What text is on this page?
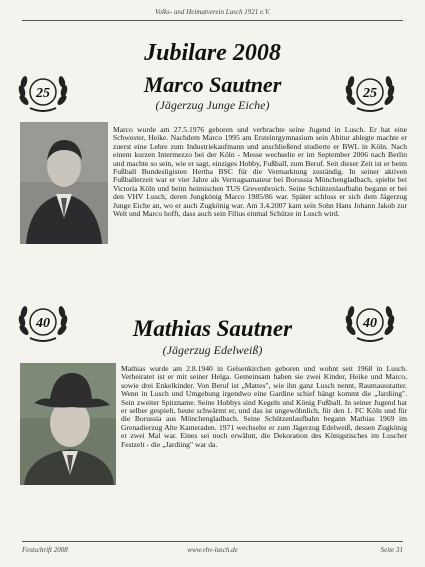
Volks- und Heimatverein Lusch 1921 e.V.
Jubilare 2008
25	25
Marco Sautner
(Jägerzug Junge Eiche)
Marco wurde am 27.5.1976 geboren und verbrachte seine Jugend in Lusch. Er hat eine Schwester, Heike. Nachdem Marco 1995 am Ersteinrgymnasium sein Abitur ablegte machte er zuerst eine Lehre zum Industriekaufmann und anschließend studierte er BWL in Köln. Nach einem kurzen Intermezzo bei der Köln - Messe wechselte er im September 2006 nach Berlin und machte so sein, wie er sagt, einziges Hobby, Fußball, zum Beruf. Seit dieser Zeit ist er beim Fußball Bundesligisten Hertha BSC für die Vermarktung zuständig. In seiner aktiven Fußballerzeit war er vier Jahre als Vertragsamateur bei Borussia Mönchengladbach, spielte bei Victoria Köln und beim heimischen TUS Grevenbroich. Seine Schützenlaufbahn begann er bei den VHV Lusch, deren Jungkönig Marco 1985/86 war. Später schloss er sich dem Jägerzug Junge Eiche an, wo er auch Zugkönig war. Am 3.4.2007 kam sein Sohn Hans Johann Jakob zur Welt und Marco hofft, dass auch sein Filius einmal Schütze in Lusch wird.
40	40
Mathias Sautner
(Jägerzug Edelweiß)
Mathias wurde am 2.8.1940 in Gelsenkirchen geboren und wohnt seit 1968 in Lusch. Verheiratet ist er mit seiner Helga. Gemeinsam haben sie zwei Kinder, Heike und Marco, sowie drei Enkelkinder. Von Beruf ist „Mattes", wie ihn ganz Lusch nennt, Raumausstatter. Wenn in Lusch und Umgebung irgendwo eine Gardine schief hängt kommt die „Jardiing". Sein zweiter Spitzname. Seine Hobbys sind Kegeln und König Fußball. In seiner Jugend hat er selber gespielt, heute schwärmt er, und das ist ungewöhnlich, für den 1. FC Köln und für die Borussia aus Mönchengladbach. Seine Schützenlaufbahn begann Mathias 1969 im Grenadierzug Alte Kameraden. 1971 wechselte er zum Jägerzug Edelweiß, dessen Zugkönig er zwei Mal war. Eines sei noch erwähnt, die Dekoration des Königstisches im Luscher Festzelt - die „Jardiing" war da.
Festschrift 2008	www.vhv-lusch.de	Seite 31
